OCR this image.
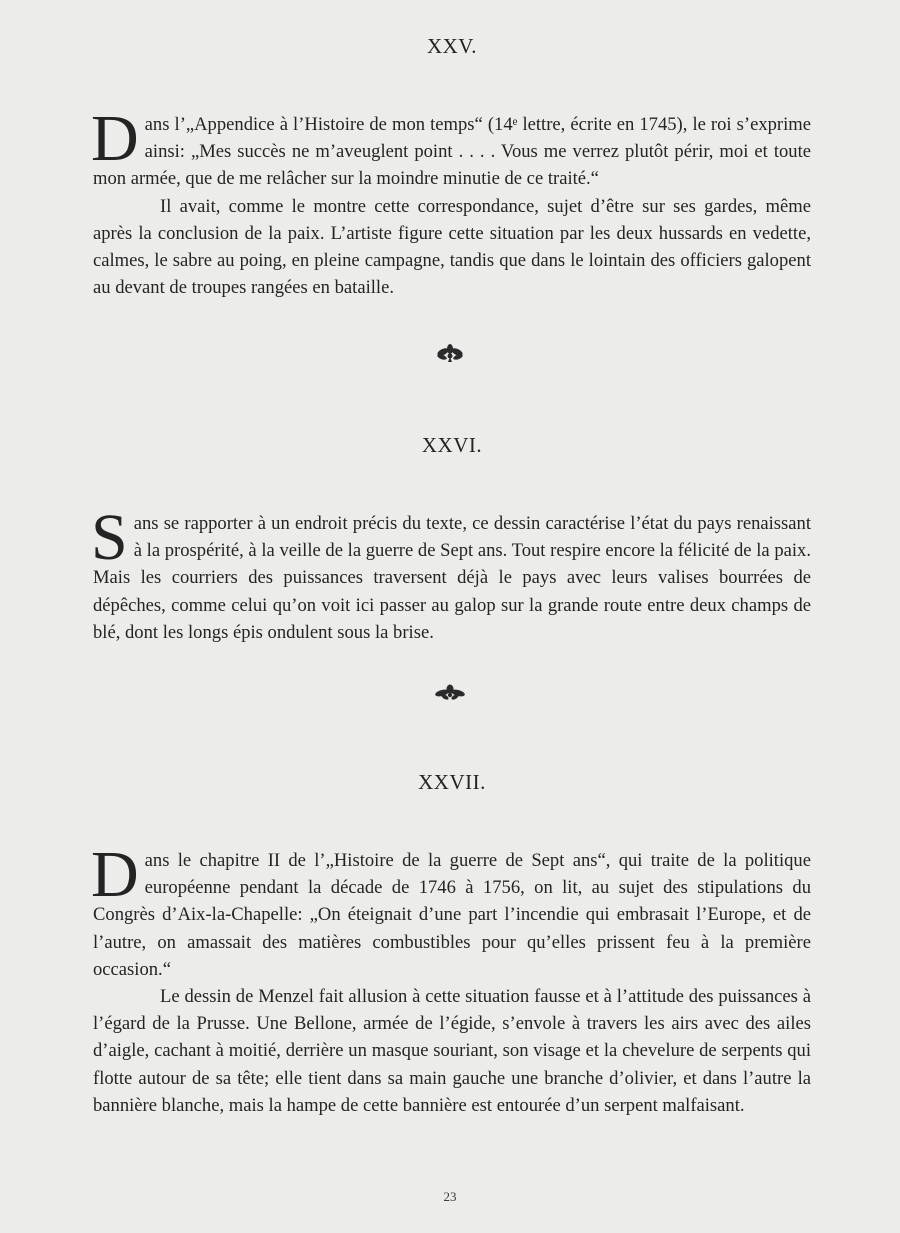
XXV.

Dans l’„Appendice à l’Histoire de mon temps“ (14ᵉ lettre, écrite en 1745), le roi s’exprime ainsi: „Mes succès ne m’aveuglent point . . . . Vous me verrez plutôt périr, moi et toute mon armée, que de me relâcher sur la moindre minutie de ce traité.“

Il avait, comme le montre cette correspondance, sujet d’être sur ses gardes, même après la conclusion de la paix. L’artiste figure cette situation par les deux hussards en vedette, calmes, le sabre au poing, en pleine campagne, tandis que dans le lointain des officiers galopent au devant de troupes rangées en bataille.

XXVI.

Sans se rapporter à un endroit précis du texte, ce dessin caractérise l’état du pays renaissant à la prospérité, à la veille de la guerre de Sept ans. Tout respire encore la félicité de la paix. Mais les courriers des puissances traversent déjà le pays avec leurs valises bourrées de dépêches, comme celui qu’on voit ici passer au galop sur la grande route entre deux champs de blé, dont les longs épis ondulent sous la brise.

XXVII.

Dans le chapitre II de l’„Histoire de la guerre de Sept ans“, qui traite de la politique européenne pendant la décade de 1746 à 1756, on lit, au sujet des stipulations du Congrès d’Aix-la-Chapelle: „On éteignait d’une part l’incendie qui embrasait l’Europe, et de l’autre, on amassait des matières combustibles pour qu’elles prissent feu à la première occasion.“

Le dessin de Menzel fait allusion à cette situation fausse et à l’attitude des puissances à l’égard de la Prusse. Une Bellone, armée de l’égide, s’envole à travers les airs avec des ailes d’aigle, cachant à moitié, derrière un masque souriant, son visage et la chevelure de serpents qui flotte autour de sa tête; elle tient dans sa main gauche une branche d’olivier, et dans l’autre la bannière blanche, mais la hampe de cette bannière est entourée d’un serpent malfaisant.

23
